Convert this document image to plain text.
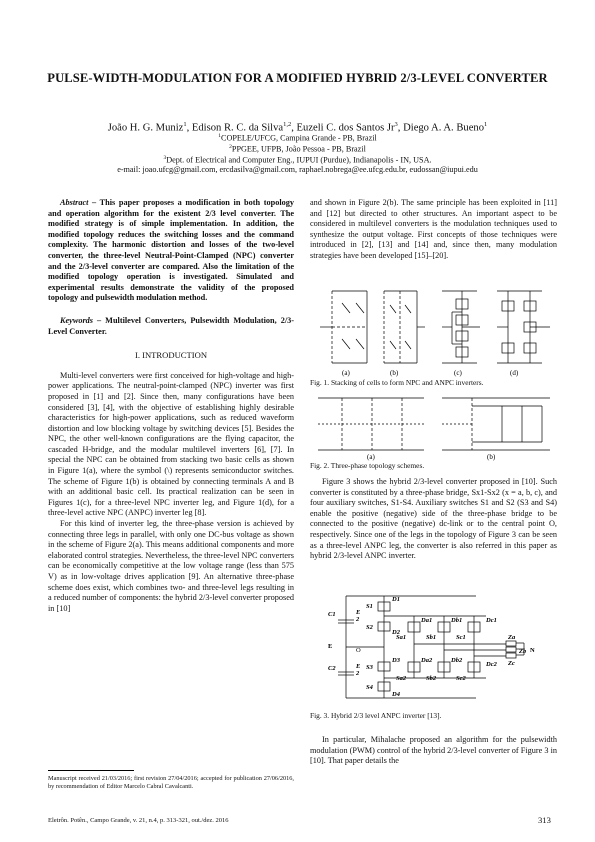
PULSE-WIDTH-MODULATION FOR A MODIFIED HYBRID 2/3-LEVEL CONVERTER
João H. G. Muniz$^1$, Edison R. C. da Silva$^{1,2}$, Euzeli C. dos Santos Jr$^3$, Diego A. A. Bueno$^1$
$^1$COPELE/UFCG, Campina Grande - PB, Brazil
$^2$PPGEE, UFPB, João Pessoa - PB, Brazil
$^3$Dept. of Electrical and Computer Eng., IUPUI (Purdue), Indianapolis - IN, USA.
e-mail: joao.ufcg@gmail.com, ercdasilva@gmail.com, raphael.nobrega@ee.ufcg.edu.br, eudossan@iupui.edu

Abstract – This paper proposes a modification in both topology and operation algorithm for the existent 2/3 level converter. The modified strategy is of simple implementation. In addition, the modified topology reduces the switching losses and the command complexity. The harmonic distortion and losses of the two-level converter, the three-level Neutral-Point-Clamped (NPC) converter and the 2/3-level converter are compared. Also the limitation of the modified topology operation is investigated. Simulated and experimental results demonstrate the validity of the proposed topology and pulsewidth modulation method.

Keywords – Multilevel Converters, Pulsewidth Modulation, 2/3-Level Converter.

I. INTRODUCTION

Multi-level converters were first conceived for high-voltage and high-power applications. The neutral-point-clamped (NPC) inverter was first proposed in [1] and [2]. Since then, many configurations have been considered [3], [4], with the objective of establishing highly desirable characteristics for high-power applications, such as reduced waveform distortion and low blocking voltage by switching devices [5]. Besides the NPC, the other well-known configurations are the flying capacitor, the cascaded H-bridge, and the modular multilevel inverters [6], [7]. In special the NPC can be obtained from stacking two basic cells as shown in Figure 1(a), where the symbol (\) represents semiconductor switches. The scheme of Figure 1(b) is obtained by connecting terminals A and B with an additional basic cell. Its practical realization can be seen in Figures 1(c), for a three-level NPC inverter leg, and Figure 1(d), for a three-level active NPC (ANPC) inverter leg [8].

For this kind of inverter leg, the three-phase version is achieved by connecting three legs in parallel, with only one DC-bus voltage as shown in the scheme of Figure 2(a). This means additional components and more elaborated control strategies. Nevertheless, the three-level NPC converters can be economically competitive at the low voltage range (less than 575 V) as in low-voltage drives application [9]. An alternative three-phase scheme does exist, which combines two- and three-level legs resulting in a reduced number of components: the hybrid 2/3-level converter proposed in [10]

Manuscript received 21/03/2016; first revision 27/04/2016; accepted for publication 27/06/2016, by recommendation of Editor Marcelo Cabral Cavalcanti.

and shown in Figure 2(b). The same principle has been exploited in [11] and [12] but directed to other structures. An important aspect to be considered in multilevel converters is the modulation techniques used to synthesize the output voltage. First concepts of those techniques were introduced in [2], [13] and [14] and, since then, many modulation strategies have been developed [15]–[20].

(a)	(b)	(c)	(d)
Fig. 1. Stacking of cells to form NPC and ANPC inverters.
(a)	(b)
Fig. 2. Three-phase topology schemes.

Figure 3 shows the hybrid 2/3-level converter proposed in [10]. Such converter is constituted by a three-phase bridge, Sx1-Sx2 (x = a, b, c), and four auxiliary switches, S1-S4. Auxiliary switches S1 and S2 (S3 and S4) enable the positive (negative) side of the three-phase bridge to be connected to the positive (negative) dc-link or to the central point O, respectively. Since one of the legs in the topology of Figure 3 can be seen as a three-level ANPC leg, the converter is also referred in this paper as hybrid 2/3-level ANPC inverter.

C1
C2
E
E
2
E
2
O
S1
S2
S3
S4
D1
D2
D3
D4
Da1	Db1	Dc1
Sa1	Sb1	Sc1
Da2	Db2
Dc2
Sa2	Sb2	Sc2
Za
Zb
Zc
N
Fig. 3. Hybrid 2/3 level ANPC inverter [13].

In particular, Mihalache proposed an algorithm for the pulsewidth modulation (PWM) control of the hybrid 2/3-level converter of Figure 3 in [10]. That paper details the

Eletrôn. Potên., Campo Grande, v. 21, n.4, p. 313-321, out./dez. 2016	313
